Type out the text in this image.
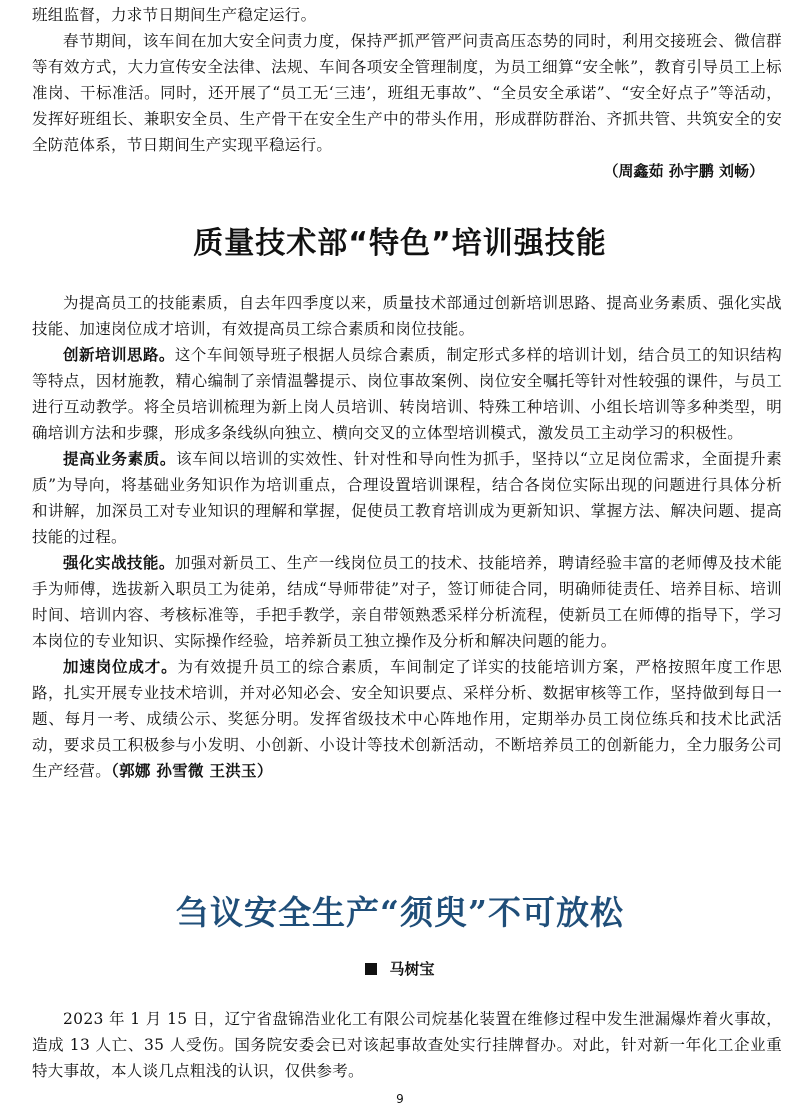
班组监督，力求节日期间生产稳定运行。

春节期间，该车间在加大安全问责力度，保持严抓严管严问责高压态势的同时，利用交接班会、微信群等有效方式，大力宣传安全法律、法规、车间各项安全管理制度，为员工细算“安全帐”，教育引导员工上标准岗、干标准活。同时，还开展了“员工无‘三违’，班组无事故”、“全员安全承诺”、“安全好点子”等活动，发挥好班组长、兼职安全员、生产骨干在安全生产中的带头作用，形成群防群治、齐抓共管、共筑安全的安全防范体系，节日期间生产实现平稳运行。

（周鑫茹 孙宇鹏 刘畅）
质量技术部“特色”培训强技能

为提高员工的技能素质，自去年四季度以来，质量技术部通过创新培训思路、提高业务素质、强化实战技能、加速岗位成才培训，有效提高员工综合素质和岗位技能。

创新培训思路。这个车间领导班子根据人员综合素质，制定形式多样的培训计划，结合员工的知识结构等特点，因材施教，精心编制了亲情温馨提示、岗位事故案例、岗位安全嘱托等针对性较强的课件，与员工进行互动教学。将全员培训梳理为新上岗人员培训、转岗培训、特殊工种培训、小组长培训等多种类型，明确培训方法和步骤，形成多条线纵向独立、横向交叉的立体型培训模式，激发员工主动学习的积极性。

提高业务素质。该车间以培训的实效性、针对性和导向性为抓手，坚持以“立足岗位需求，全面提升素质”为导向，将基础业务知识作为培训重点，合理设置培训课程，结合各岗位实际出现的问题进行具体分析和讲解，加深员工对专业知识的理解和掌握，促使员工教育培训成为更新知识、掌握方法、解决问题、提高技能的过程。

强化实战技能。加强对新员工、生产一线岗位员工的技术、技能培养，聘请经验丰富的老师傅及技术能手为师傅，选拔新入职员工为徒弟，结成“导师带徒”对子，签订师徒合同，明确师徒责任、培养目标、培训时间、培训内容、考核标准等，手把手教学，亲自带领熟悉采样分析流程，使新员工在师傅的指导下，学习本岗位的专业知识、实际操作经验，培养新员工独立操作及分析和解决问题的能力。

加速岗位成才。为有效提升员工的综合素质，车间制定了详实的技能培训方案，严格按照年度工作思路，扎实开展专业技术培训，并对必知必会、安全知识要点、采样分析、数据审核等工作，坚持做到每日一题、每月一考、成绩公示、奖惩分明。发挥省级技术中心阵地作用，定期举办员工岗位练兵和技术比武活动，要求员工积极参与小发明、小创新、小设计等技术创新活动，不断培养员工的创新能力，全力服务公司生产经营。（郭娜 孙雪微 王洪玉）

刍议安全生产“须臾”不可放松
马树宝

2023 年 1 月 15 日，辽宁省盘锦浩业化工有限公司烷基化装置在维修过程中发生泄漏爆炸着火事故，造成 13 人亡、35 人受伤。国务院安委会已对该起事故查处实行挂牌督办。对此，针对新一年化工企业重特大事故，本人谈几点粗浅的认识，仅供参考。

9
